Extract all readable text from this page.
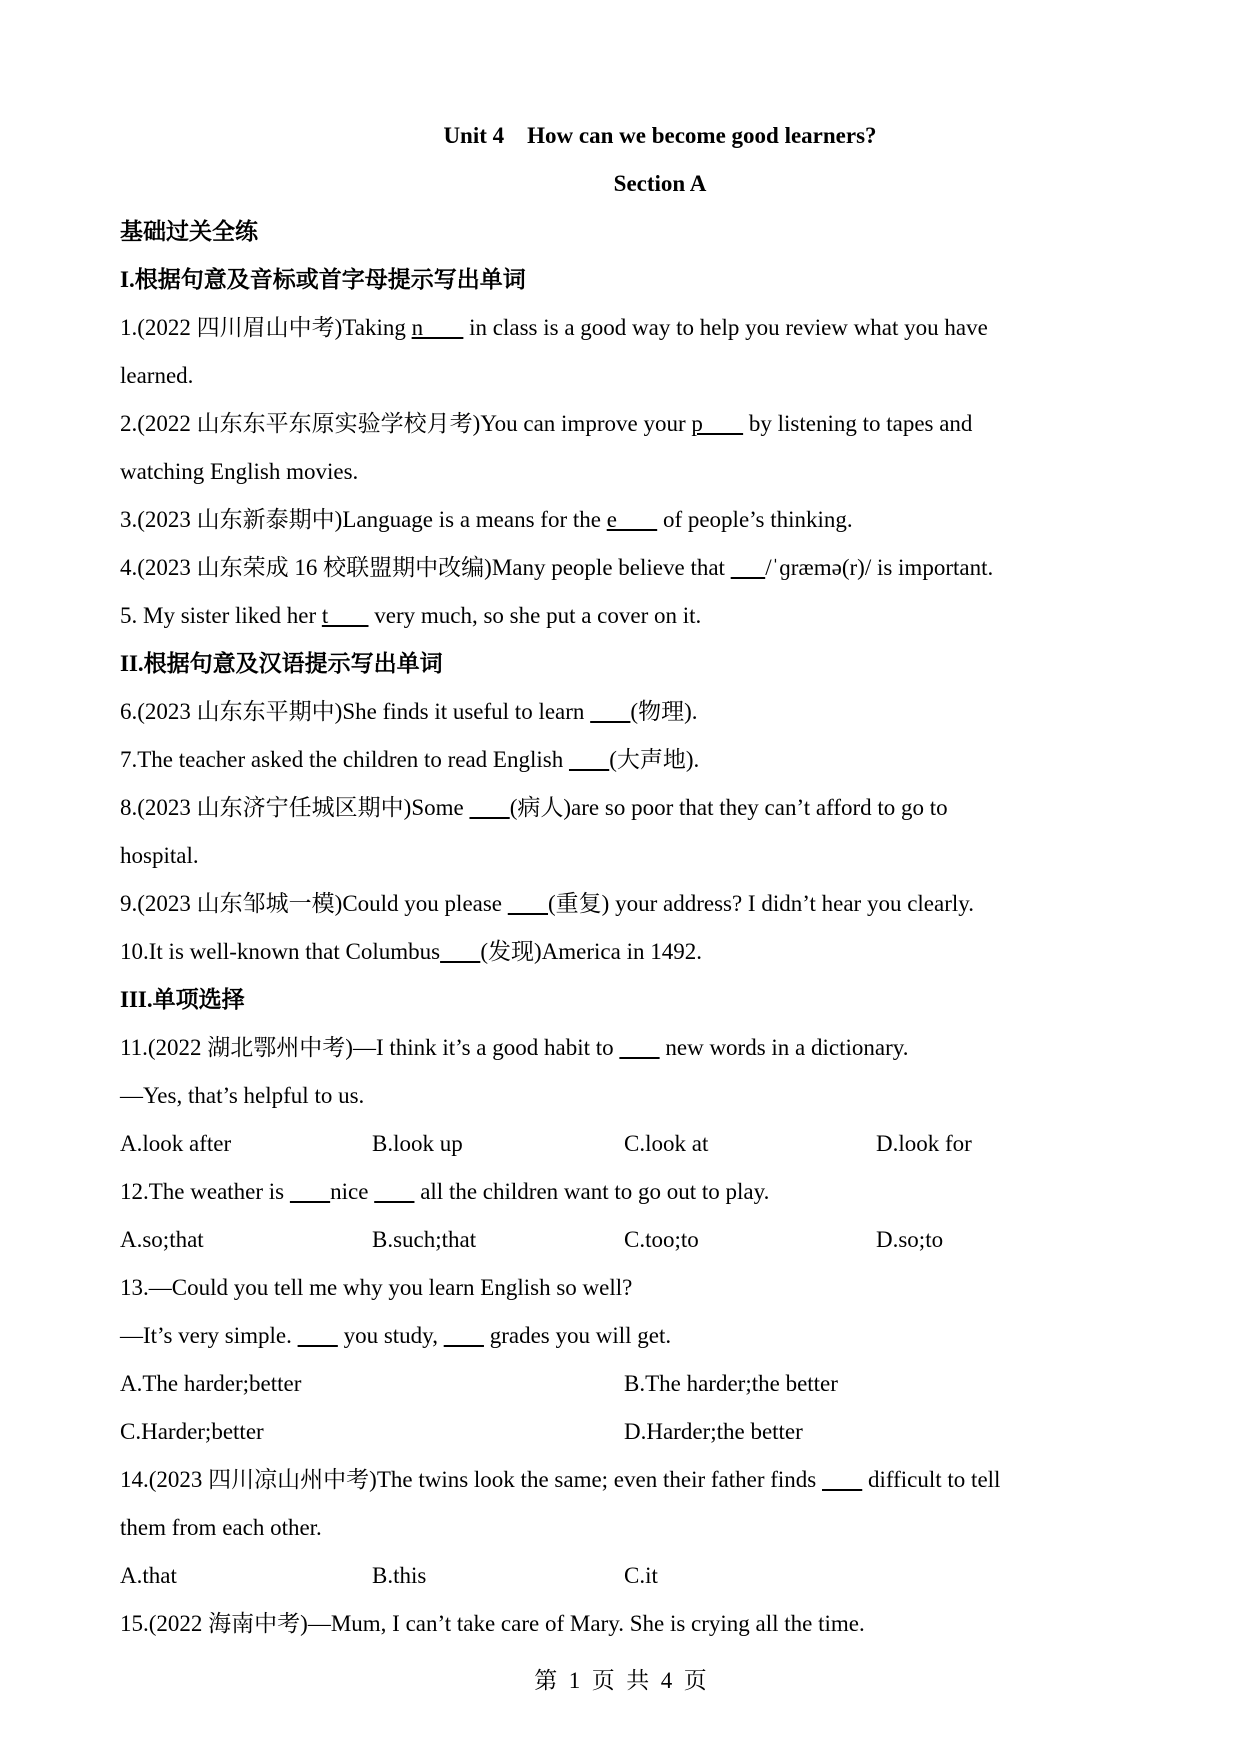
Unit 4    How can we become good learners?
Section A
基础过关全练
I.根据句意及音标或首字母提示写出单词
1.(2022 四川眉山中考)Taking n        in class is a good way to help you review what you have
learned.
2.(2022 山东东平东原实验学校月考)You can improve your p        by listening to tapes and
watching English movies.
3.(2023 山东新泰期中)Language is a means for the e        of people’s thinking.
4.(2023 山东荣成 16 校联盟期中改编)Many people believe that       /ˈɡræmə(r)/ is important.
5. My sister liked her t        very much, so she put a cover on it.
II.根据句意及汉语提示写出单词
6.(2023 山东东平期中)She finds it useful to learn        (物理).
7.The teacher asked the children to read English        (大声地).
8.(2023 山东济宁任城区期中)Some        (病人)are so poor that they can’t afford to go to
hospital.
9.(2023 山东邹城一模)Could you please        (重复) your address? I didn’t hear you clearly.
10.It is well-known that Columbus (发现)America in 1492.
III.单项选择
11.(2022 湖北鄂州中考)—I think it’s a good habit to         new words in a dictionary.
—Yes, that’s helpful to us.
A.look after	B.look up	C.look at	D.look for
12.The weather is        nice         all the children want to go out to play.
A.so;that	B.such;that	C.too;to	D.so;to
13.—Could you tell me why you learn English so well?
—It’s very simple.         you study,         grades you will get.
A.The harder;better	B.The harder;the better
C.Harder;better	D.Harder;the better
14.(2023 四川凉山州中考)The twins look the same; even their father finds         difficult to tell
them from each other.
A.that	B.this	C.it
15.(2022 海南中考)—Mum, I can’t take care of Mary. She is crying all the time.
第  1  页  共  4  页
